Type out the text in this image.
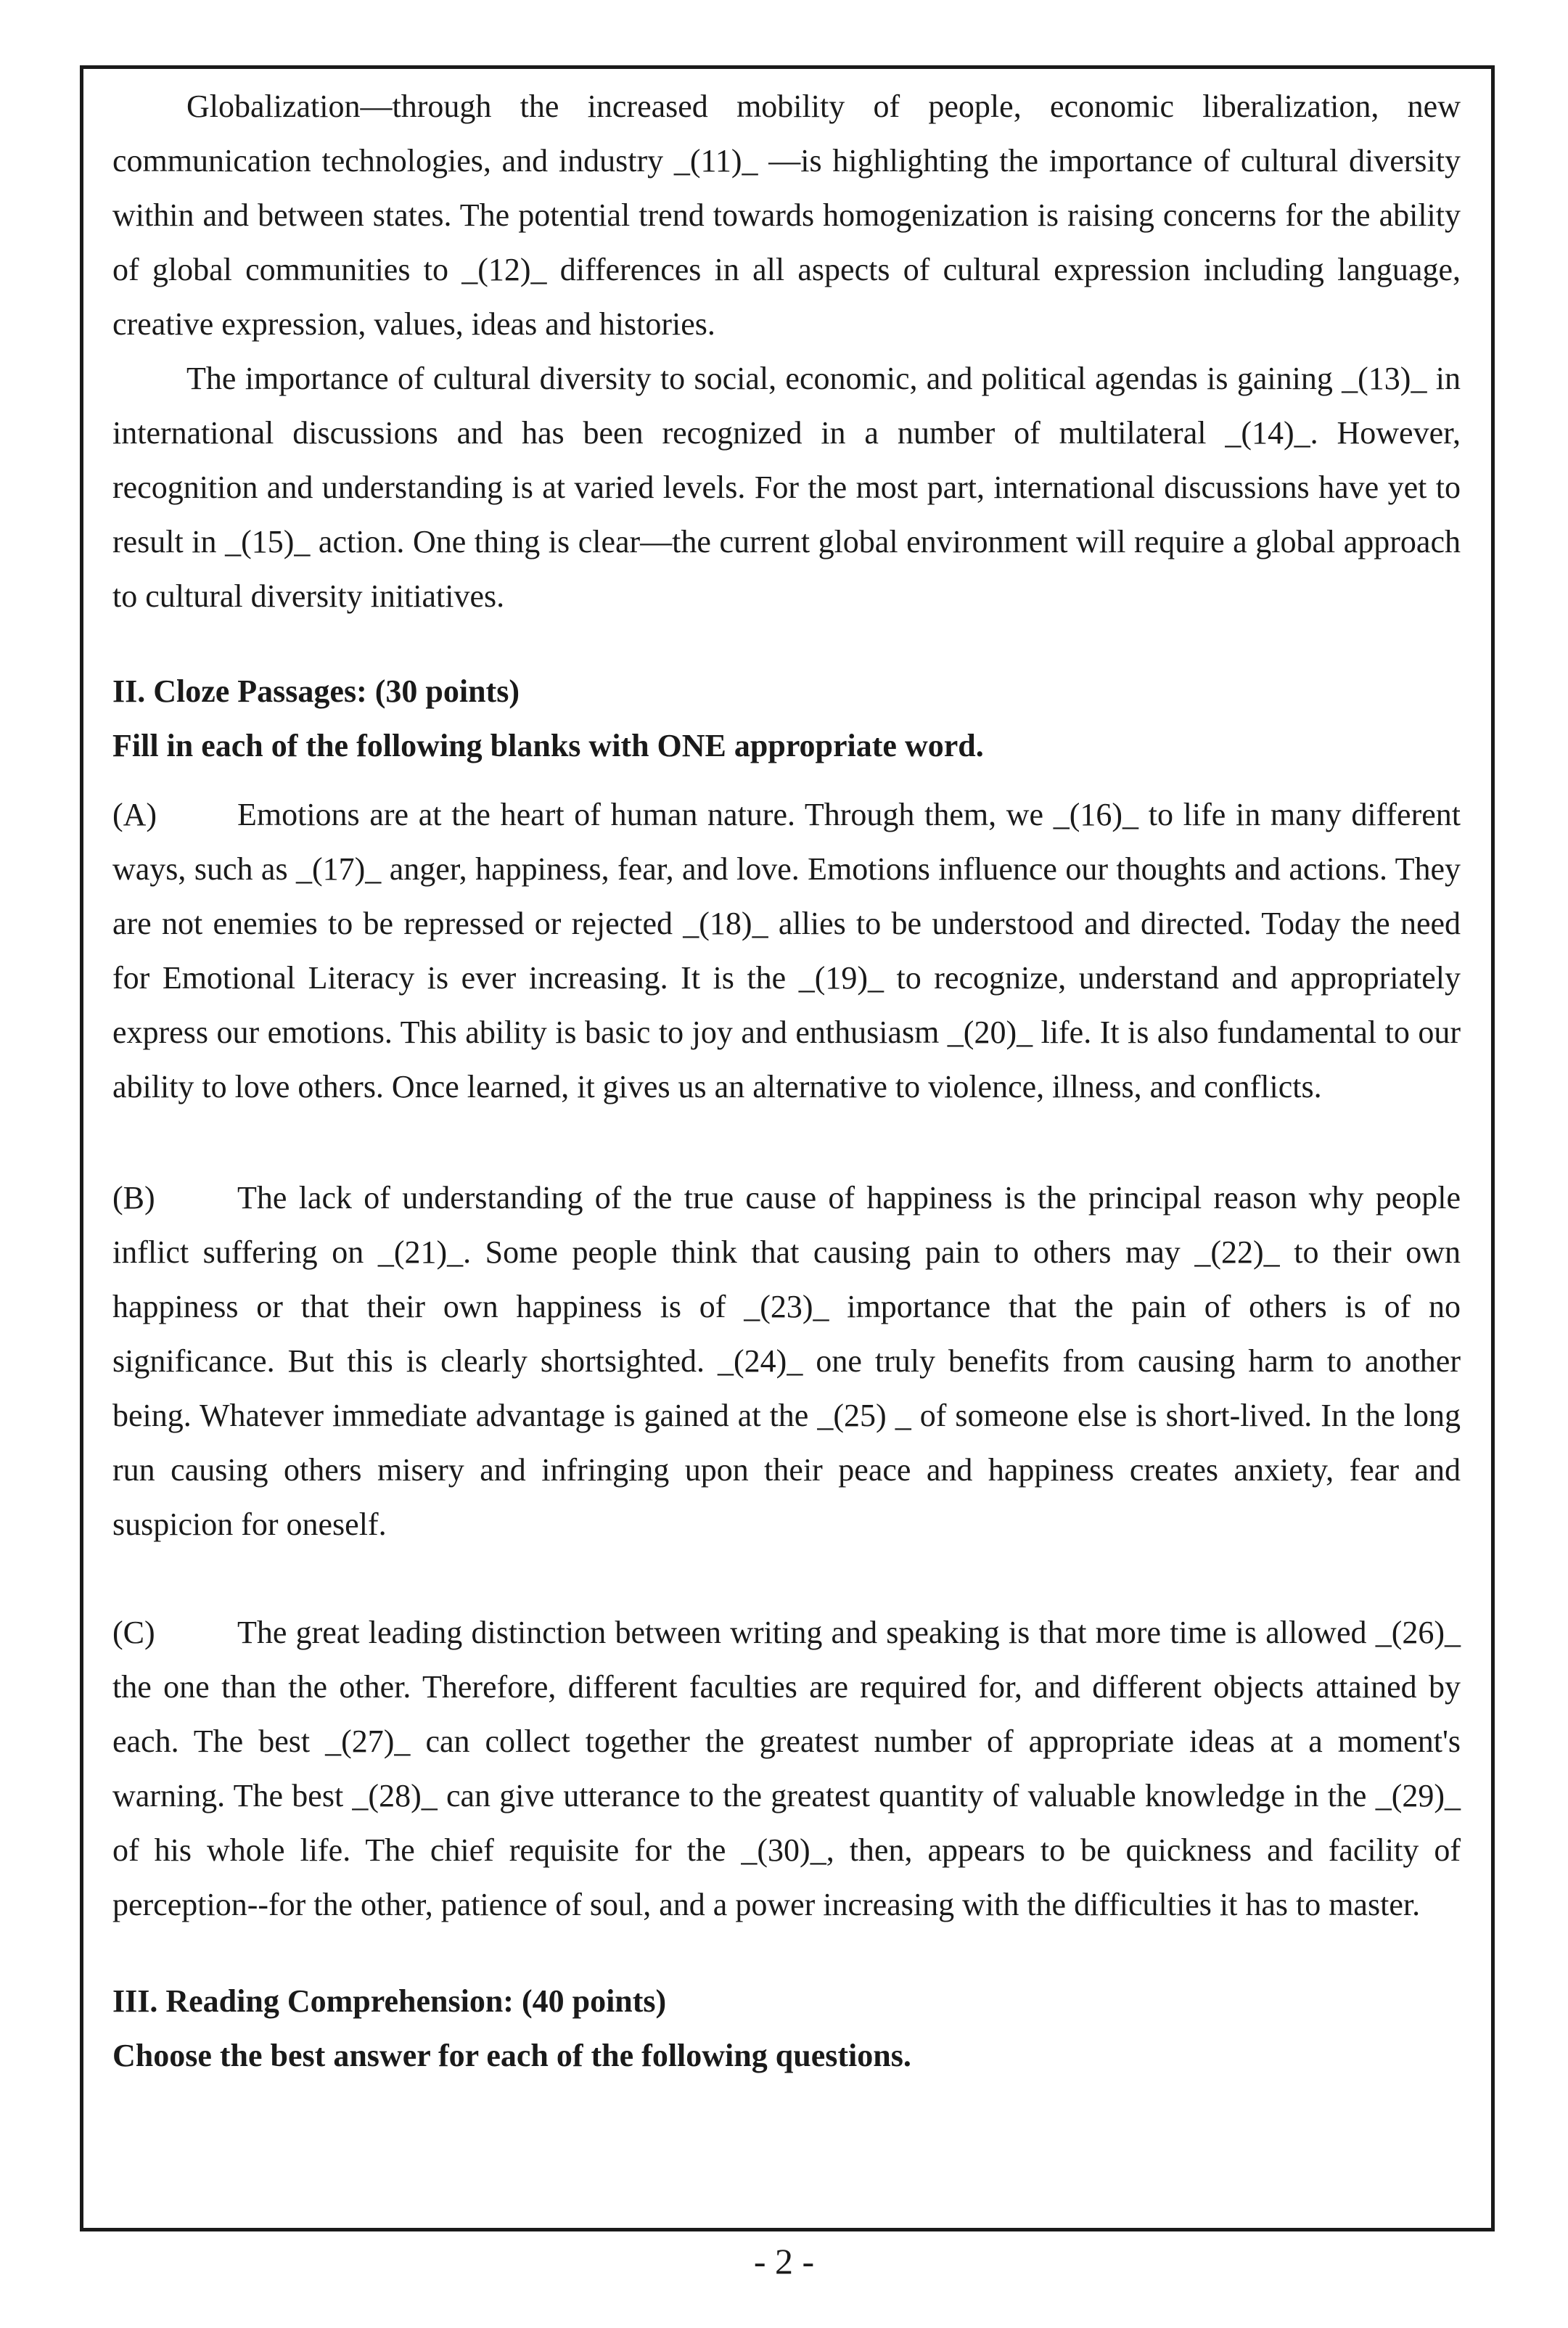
Globalization—through the increased mobility of people, economic liberalization, new communication technologies, and industry _(11)_ —is highlighting the importance of cultural diversity within and between states. The potential trend towards homogenization is raising concerns for the ability of global communities to _(12)_ differences in all aspects of cultural expression including language, creative expression, values, ideas and histories.

The importance of cultural diversity to social, economic, and political agendas is gaining _(13)_ in international discussions and has been recognized in a number of multilateral _(14)_. However, recognition and understanding is at varied levels. For the most part, international discussions have yet to result in _(15)_ action. One thing is clear—the current global environment will require a global approach to cultural diversity initiatives.

II. Cloze Passages: (30 points)

Fill in each of the following blanks with ONE appropriate word.

(A)	Emotions are at the heart of human nature. Through them, we _(16)_ to life in many different ways, such as _(17)_ anger, happiness, fear, and love. Emotions influence our thoughts and actions. They are not enemies to be repressed or rejected _(18)_ allies to be understood and directed. Today the need for Emotional Literacy is ever increasing. It is the _(19)_ to recognize, understand and appropriately express our emotions. This ability is basic to joy and enthusiasm _(20)_ life. It is also fundamental to our ability to love others. Once learned, it gives us an alternative to violence, illness, and conflicts.

(B)	The lack of understanding of the true cause of happiness is the principal reason why people inflict suffering on _(21)_. Some people think that causing pain to others may _(22)_ to their own happiness or that their own happiness is of _(23)_ importance that the pain of others is of no significance. But this is clearly shortsighted. _(24)_ one truly benefits from causing harm to another being. Whatever immediate advantage is gained at the _(25) _ of someone else is short-lived. In the long run causing others misery and infringing upon their peace and happiness creates anxiety, fear and suspicion for oneself.

(C)	The great leading distinction between writing and speaking is that more time is allowed _(26)_ the one than the other. Therefore, different faculties are required for, and different objects attained by each. The best _(27)_ can collect together the greatest number of appropriate ideas at a moment's warning. The best _(28)_ can give utterance to the greatest quantity of valuable knowledge in the _(29)_ of his whole life. The chief requisite for the _(30)_, then, appears to be quickness and facility of perception--for the other, patience of soul, and a power increasing with the difficulties it has to master.

III. Reading Comprehension: (40 points)

Choose the best answer for each of the following questions.

- 2 -
